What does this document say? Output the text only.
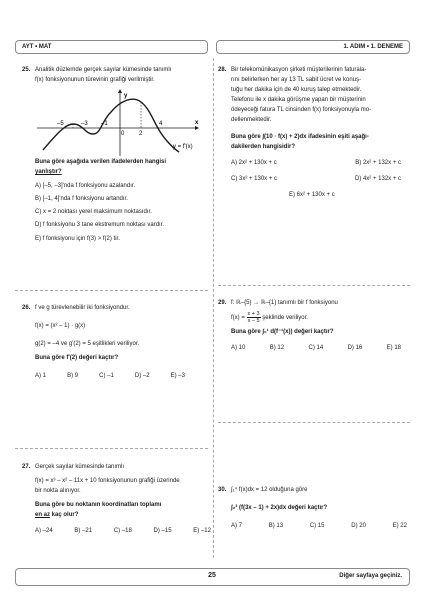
AYT • MAT	1. ADIM • 1. DENEME
25. Analitik düzlemde gerçek sayılar kümesinde tanımlı
f(x) fonksiyonunun türevinin grafiği verilmiştir.
y
x
–5	–3 –1
0 2
4
y = f'(x)
Buna göre aşağıda verilen ifadelerden hangisi
yanlıştır?
A) [–5, –3]'nda f fonksiyonu azalandır.
B) [–1, 4]'nda f fonksiyonu artandır.
C) x = 2 noktası yerel maksimum noktasıdır.
D) f fonksiyonu 3 tane ekstremum noktası vardır.
E) f fonksiyonu için f(3) > f(2) tir.
26. f ve g türevlenebilir iki fonksiyondur.
f(x) = (x² – 1) · g(x)
g(2) = –4 ve g'(2) = 5 eşitlikleri veriliyor.
Buna göre f'(2) değeri kaçtır?
A) 1	B) 9	C) –1	D) –2	E) –3
27. Gerçek sayılar kümesinde tanımlı
f(x) = x³ – x² – 11x + 10 fonksiyonunun grafiği üzerinde
bir nokta alınıyor.
Buna göre bu noktanın koordinatları toplamı
en az kaç olur?
A) –24	B) –21	C) –18	D) –15	E) –12
28. Bir telekomünikasyon şirketi müşterilerinin faturala-
rını belirlerken her ay 13 TL sabit ücret ve konuş-
tuğu her dakika için de 40 kuruş talep etmektedir.
Telefonu ile x dakika görüşme yapan bir müşterinin
ödeyeceği fatura TL cinsinden f(x) fonksiyonuyla mo-
dellenmektedir.
Buna göre ∫(10 · f(x) + 2)dx ifadesinin eşiti aşağı-
dakilerden hangisidir?
A) 2x² + 130x + c	B) 2x² + 132x + c
C) 3x² + 130x + c	D) 4x² + 132x + c
E) 6x² + 130x + c
29. f: ℝ–{5} → ℝ–{1} tanımlı bir f fonksiyonu
$f(x) = \frac{x + 3}{x - 5}$ şeklinde veriliyor.
Buna göre ∫₀¹ d(f⁻¹(x)) değeri kaçtır?
A) 10	B) 12	C) 14	D) 16	E) 18
30. ∫₁⁴ f(x)dx = 12 olduğuna göre
∫₂³ (f(3x – 1) + 2x)dx değeri kaçtır?
A) 7	B) 13	C) 15	D) 20	E) 22
25	Diğer sayfaya geçiniz.
